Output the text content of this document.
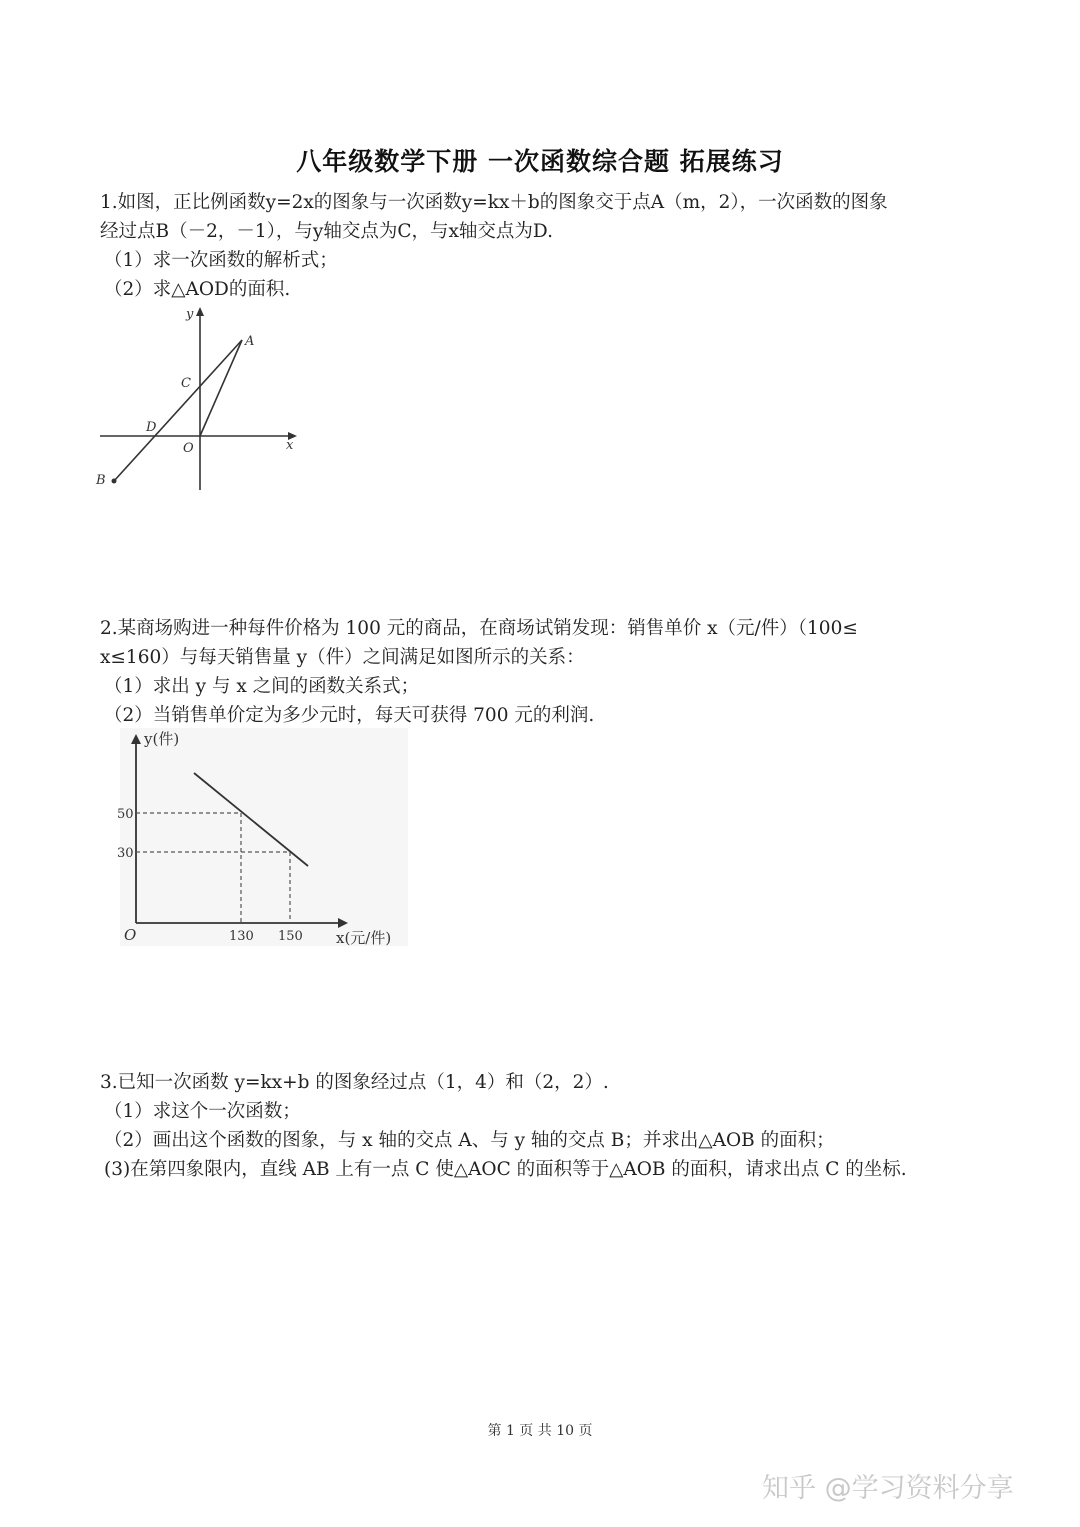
八年级数学下册 一次函数综合题 拓展练习
1.如图，正比例函数y=2x的图象与一次函数y=kx＋b的图象交于点A（m，2），一次函数的图象
经过点B（－2，－1），与y轴交点为C，与x轴交点为D.
（1）求一次函数的解析式；
（2）求△AOD的面积.
y
x
O
A
B
C
D
2.某商场购进一种每件价格为 100 元的商品，在商场试销发现：销售单价 x（元/件）（100≤
x≤160）与每天销售量 y（件）之间满足如图所示的关系：
（1）求出 y 与 x 之间的函数关系式；
（2）当销售单价定为多少元时，每天可获得 700 元的利润.
y(件)
x(元/件)
O
50
30
130 150
3.已知一次函数 y=kx+b 的图象经过点（1，4）和（2，2）.
（1）求这个一次函数；
（2）画出这个函数的图象，与 x 轴的交点 A、与 y 轴的交点 B；并求出△AOB 的面积；
(3)在第四象限内，直线 AB 上有一点 C 使△AOC 的面积等于△AOB 的面积，请求出点 C 的坐标.
第 1 页 共 10 页
知乎 @学习资料分享
